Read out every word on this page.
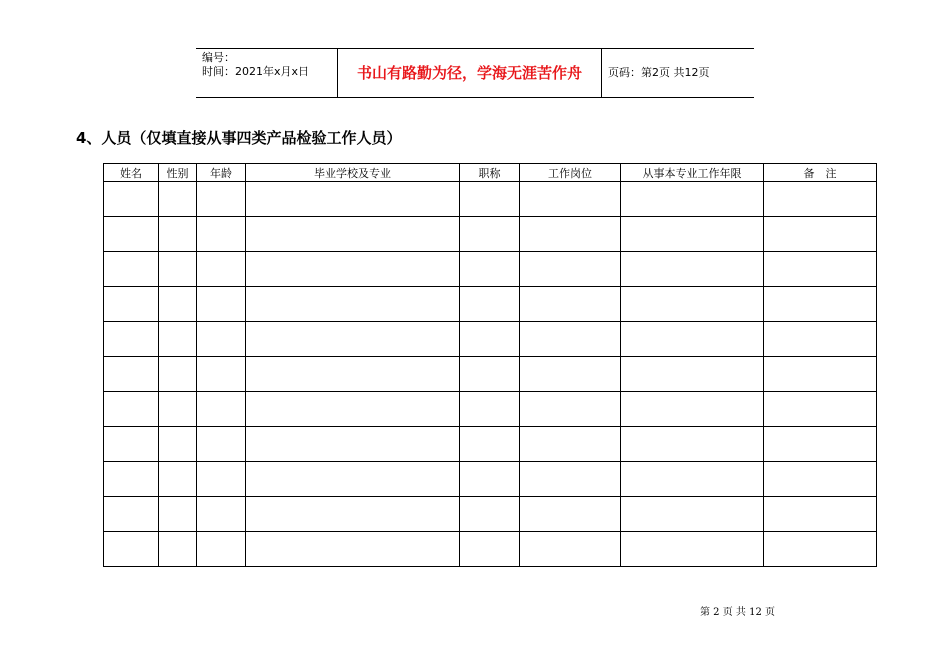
编号：
时间：2021年x月x日	书山有路勤为径，学海无涯苦作舟	页码：第2页 共12页
4、人员（仅填直接从事四类产品检验工作人员）
姓名	性别	年龄	毕业学校及专业	职称	工作岗位	从事本专业工作年限	备　注

第 2 页 共 12 页
